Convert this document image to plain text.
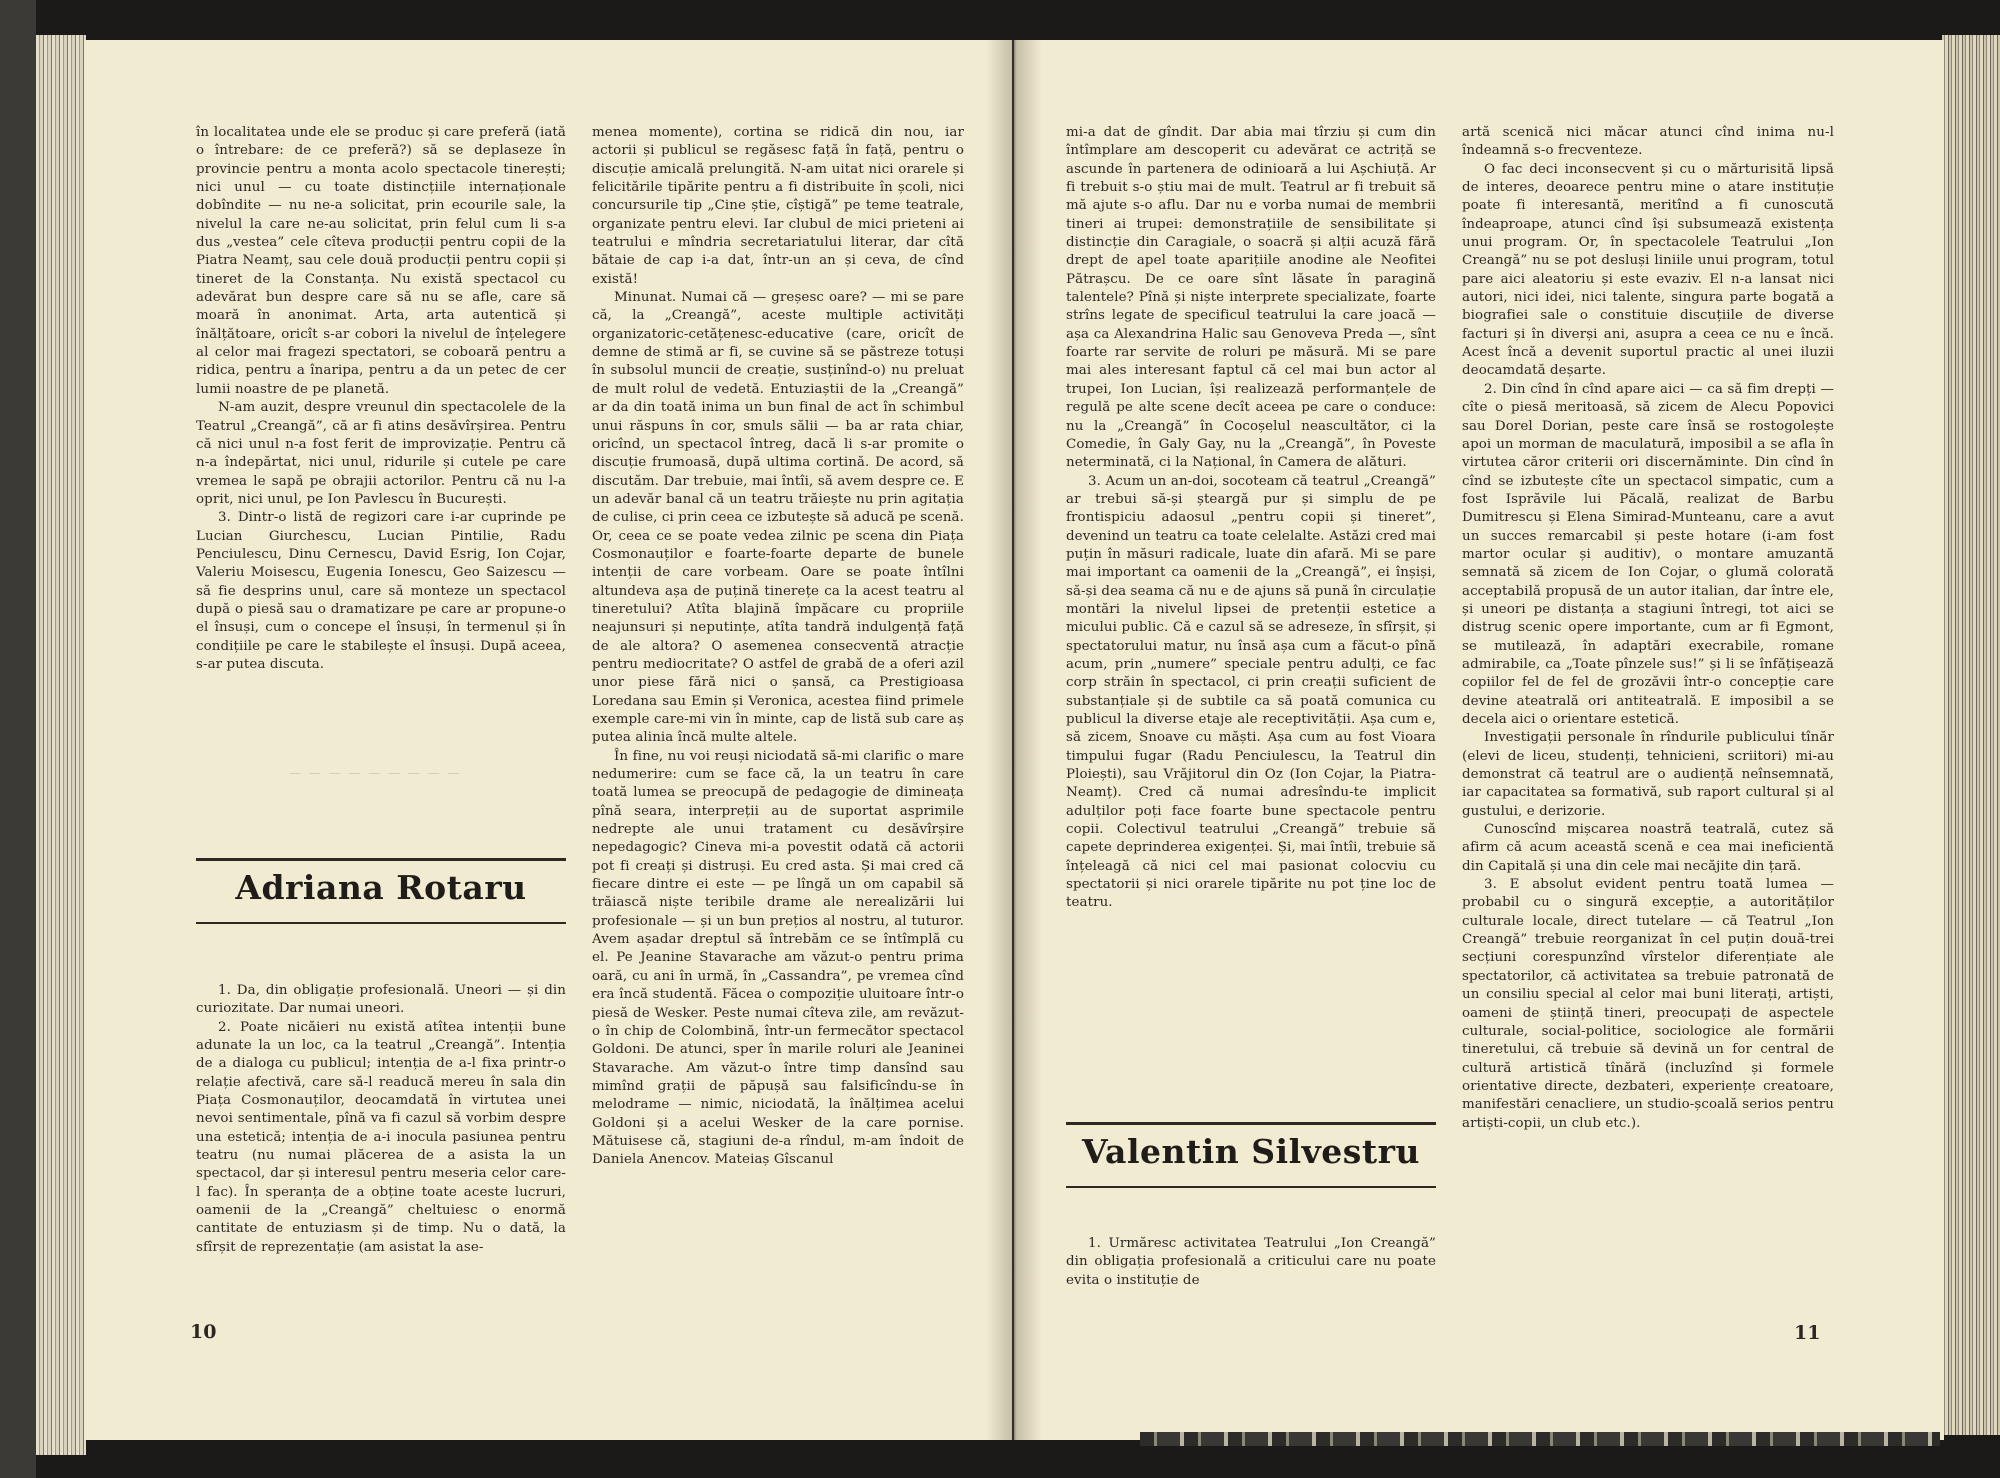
în localitatea unde ele se produc și care preferă (iată o întrebare: de ce preferă?) să se deplaseze în provincie pentru a monta acolo spectacole tinerești; nici unul — cu toate distincțiile internaționale dobîndite — nu ne-a solicitat, prin ecourile sale, la nivelul la care ne-au solicitat, prin felul cum li s-a dus „vestea” cele cîteva producții pentru copii de la Piatra Neamț, sau cele două producții pentru copii și tineret de la Constanța. Nu există spectacol cu adevărat bun despre care să nu se afle, care să moară în anonimat. Arta, arta autentică și înălțătoare, oricît s-ar cobori la nivelul de înțelegere al celor mai fragezi spectatori, se coboară pentru a ridica, pentru a înaripa, pentru a da un petec de cer lumii noastre de pe planetă.

N-am auzit, despre vreunul din spectacolele de la Teatrul „Creangă”, că ar fi atins desăvîrșirea. Pentru că nici unul n-a fost ferit de improvizație. Pentru că n-a îndepărtat, nici unul, ridurile și cutele pe care vremea le sapă pe obrajii actorilor. Pentru că nu l-a oprit, nici unul, pe Ion Pavlescu în București.

3. Dintr-o listă de regizori care i-ar cuprinde pe Lucian Giurchescu, Lucian Pintilie, Radu Penciulescu, Dinu Cernescu, David Esrig, Ion Cojar, Valeriu Moisescu, Eugenia Ionescu, Geo Saizescu — să fie desprins unul, care să monteze un spectacol după o piesă sau o dramatizare pe care ar propune-o el însuși, cum o concepe el însuși, în termenul și în condițiile pe care le stabilește el însuși. După aceea, s-ar putea discuta.

— — — — — — — — —
Adriana Rotaru

1. Da, din obligație profesională. Uneori — și din curiozitate. Dar numai uneori.

2. Poate nicăieri nu există atîtea intenții bune adunate la un loc, ca la teatrul „Creangă”. Intenția de a dialoga cu publicul; intenția de a-l fixa printr-o relație afectivă, care să-l readucă mereu în sala din Piața Cosmonauților, deocamdată în virtutea unei nevoi sentimentale, pînă va fi cazul să vorbim despre una estetică; intenția de a-i inocula pasiunea pentru teatru (nu numai plăcerea de a asista la un spectacol, dar și interesul pentru meseria celor care-l fac). În speranța de a obține toate aceste lucruri, oamenii de la „Creangă” cheltuiesc o enormă cantitate de entuziasm și de timp. Nu o dată, la sfîrșit de reprezentație (am asistat la ase-

menea momente), cortina se ridică din nou, iar actorii și publicul se regăsesc față în față, pentru o discuție amicală prelungită. N-am uitat nici orarele și felicitările tipărite pentru a fi distribuite în școli, nici concursurile tip „Cine știe, cîștigă” pe teme teatrale, organizate pentru elevi. Iar clubul de mici prieteni ai teatrului e mîndria secretariatului literar, dar cîtă bătaie de cap i-a dat, într-un an și ceva, de cînd există!

Minunat. Numai că — greșesc oare? — mi se pare că, la „Creangă”, aceste multiple activități organizatoric-cetățenesc-educative (care, oricît de demne de stimă ar fi, se cuvine să se păstreze totuși în subsolul muncii de creație, susținînd-o) nu preluat de mult rolul de vedetă. Entuziaștii de la „Creangă” ar da din toată inima un bun final de act în schimbul unui răspuns în cor, smuls sălii — ba ar rata chiar, oricînd, un spectacol întreg, dacă li s-ar promite o discuție frumoasă, după ultima cortină. De acord, să discutăm. Dar trebuie, mai întîi, să avem despre ce. E un adevăr banal că un teatru trăiește nu prin agitația de culise, ci prin ceea ce izbutește să aducă pe scenă. Or, ceea ce se poate vedea zilnic pe scena din Piața Cosmonauților e foarte-foarte departe de bunele intenții de care vorbeam. Oare se poate întîlni altundeva așa de puțină tinerețe ca la acest teatru al tineretului? Atîta blajină împăcare cu propriile neajunsuri și neputințe, atîta tandră indulgență față de ale altora? O asemenea consecventă atracție pentru mediocritate? O astfel de grabă de a oferi azil unor piese fără nici o șansă, ca Prestigioasa Loredana sau Emin și Veronica, acestea fiind primele exemple care-mi vin în minte, cap de listă sub care aș putea alinia încă multe altele.

În fine, nu voi reuși niciodată să-mi clarific o mare nedumerire: cum se face că, la un teatru în care toată lumea se preocupă de pedagogie de dimineața pînă seara, interpreții au de suportat asprimile nedrepte ale unui tratament cu desăvîrșire nepedagogic? Cineva mi-a povestit odată că actorii pot fi creați și distruși. Eu cred asta. Și mai cred că fiecare dintre ei este — pe lîngă un om capabil să trăiască niște teribile drame ale nerealizării lui profesionale — și un bun prețios al nostru, al tuturor. Avem așadar dreptul să întrebăm ce se întîmplă cu el. Pe Jeanine Stavarache am văzut-o pentru prima oară, cu ani în urmă, în „Cassandra”, pe vremea cînd era încă studentă. Făcea o compoziție uluitoare într-o piesă de Wesker. Peste numai cîteva zile, am revăzut-o în chip de Colombină, într-un fermecător spectacol Goldoni. De atunci, sper în marile roluri ale Jeaninei Stavarache. Am văzut-o între timp dansînd sau mimînd grații de păpușă sau falsificîndu-se în melodrame — nimic, niciodată, la înălțimea acelui Goldoni și a acelui Wesker de la care pornise. Mătuisese că, stagiuni de-a rîndul, m-am îndoit de Daniela Anencov. Mateiaș Gîscanul

10

mi-a dat de gîndit. Dar abia mai tîrziu și cum din întîmplare am descoperit cu adevărat ce actriță se ascunde în partenera de odinioară a lui Așchiuță. Ar fi trebuit s-o știu mai de mult. Teatrul ar fi trebuit să mă ajute s-o aflu. Dar nu e vorba numai de membrii tineri ai trupei: demonstrațiile de sensibilitate și distincție din Caragiale, o soacră și alții acuză fără drept de apel toate aparițiile anodine ale Neofitei Pătrașcu. De ce oare sînt lăsate în paragină talentele? Pînă și niște interprete specializate, foarte strîns legate de specificul teatrului la care joacă — așa ca Alexandrina Halic sau Genoveva Preda —, sînt foarte rar servite de roluri pe măsură. Mi se pare mai ales interesant faptul că cel mai bun actor al trupei, Ion Lucian, își realizează performanțele de regulă pe alte scene decît aceea pe care o conduce: nu la „Creangă” în Cocoșelul neascultător, ci la Comedie, în Galy Gay, nu la „Creangă”, în Poveste neterminată, ci la Național, în Camera de alături.

3. Acum un an-doi, socoteam că teatrul „Creangă” ar trebui să-și șteargă pur și simplu de pe frontispiciu adaosul „pentru copii și tineret”, devenind un teatru ca toate celelalte. Astăzi cred mai puțin în măsuri radicale, luate din afară. Mi se pare mai important ca oamenii de la „Creangă”, ei înșiși, să-și dea seama că nu e de ajuns să pună în circulație montări la nivelul lipsei de pretenții estetice a micului public. Că e cazul să se adreseze, în sfîrșit, și spectatorului matur, nu însă așa cum a făcut-o pînă acum, prin „numere” speciale pentru adulți, ce fac corp străin în spectacol, ci prin creații suficient de substanțiale și de subtile ca să poată comunica cu publicul la diverse etaje ale receptivității. Așa cum e, să zicem, Snoave cu măști. Așa cum au fost Vioara timpului fugar (Radu Penciulescu, la Teatrul din Ploiești), sau Vrăjitorul din Oz (Ion Cojar, la Piatra-Neamț). Cred că numai adresîndu-te implicit adulților poți face foarte bune spectacole pentru copii. Colectivul teatrului „Creangă” trebuie să capete deprinderea exigenței. Și, mai întîi, trebuie să înțeleagă că nici cel mai pasionat colocviu cu spectatorii și nici orarele tipărite nu pot ține loc de teatru.

Valentin Silvestru

1. Urmăresc activitatea Teatrului „Ion Creangă” din obligația profesională a criticului care nu poate evita o instituție de

artă scenică nici măcar atunci cînd inima nu-l îndeamnă s-o frecventeze.

O fac deci inconsecvent și cu o mărturisită lipsă de interes, deoarece pentru mine o atare instituție poate fi interesantă, meritînd a fi cunoscută îndeaproape, atunci cînd își subsumează existența unui program. Or, în spectacolele Teatrului „Ion Creangă” nu se pot desluși liniile unui program, totul pare aici aleatoriu și este evaziv. El n-a lansat nici autori, nici idei, nici talente, singura parte bogată a biografiei sale o constituie discuțiile de diverse facturi și în diverși ani, asupra a ceea ce nu e încă. Acest încă a devenit suportul practic al unei iluzii deocamdată deșarte.

2. Din cînd în cînd apare aici — ca să fim drepți — cîte o piesă meritoasă, să zicem de Alecu Popovici sau Dorel Dorian, peste care însă se rostogolește apoi un morman de maculatură, imposibil a se afla în virtutea căror criterii ori discernăminte. Din cînd în cînd se izbutește cîte un spectacol simpatic, cum a fost Isprăvile lui Păcală, realizat de Barbu Dumitrescu și Elena Simirad-Munteanu, care a avut un succes remarcabil și peste hotare (i-am fost martor ocular și auditiv), o montare amuzantă semnată să zicem de Ion Cojar, o glumă colorată acceptabilă propusă de un autor italian, dar între ele, și uneori pe distanța a stagiuni întregi, tot aici se distrug scenic opere importante, cum ar fi Egmont, se mutilează, în adaptări execrabile, romane admirabile, ca „Toate pînzele sus!” și li se înfățișează copiilor fel de fel de grozăvii într-o concepție care devine ateatrală ori antiteatrală. E imposibil a se decela aici o orientare estetică.

Investigații personale în rîndurile publicului tînăr (elevi de liceu, studenți, tehnicieni, scriitori) mi-au demonstrat că teatrul are o audiență neînsemnată, iar capacitatea sa formativă, sub raport cultural și al gustului, e derizorie.

Cunoscînd mișcarea noastră teatrală, cutez să afirm că acum această scenă e cea mai ineficientă din Capitală și una din cele mai necăjite din țară.

3. E absolut evident pentru toată lumea — probabil cu o singură excepție, a autorităților culturale locale, direct tutelare — că Teatrul „Ion Creangă” trebuie reorganizat în cel puțin două-trei secțiuni corespunzînd vîrstelor diferențiate ale spectatorilor, că activitatea sa trebuie patronată de un consiliu special al celor mai buni literați, artiști, oameni de știință tineri, preocupați de aspectele culturale, social-politice, sociologice ale formării tineretului, că trebuie să devină un for central de cultură artistică tînără (incluzînd și formele orientative directe, dezbateri, experiențe creatoare, manifestări cenacliere, un studio-școală serios pentru artiști-copii, un club etc.).

11
